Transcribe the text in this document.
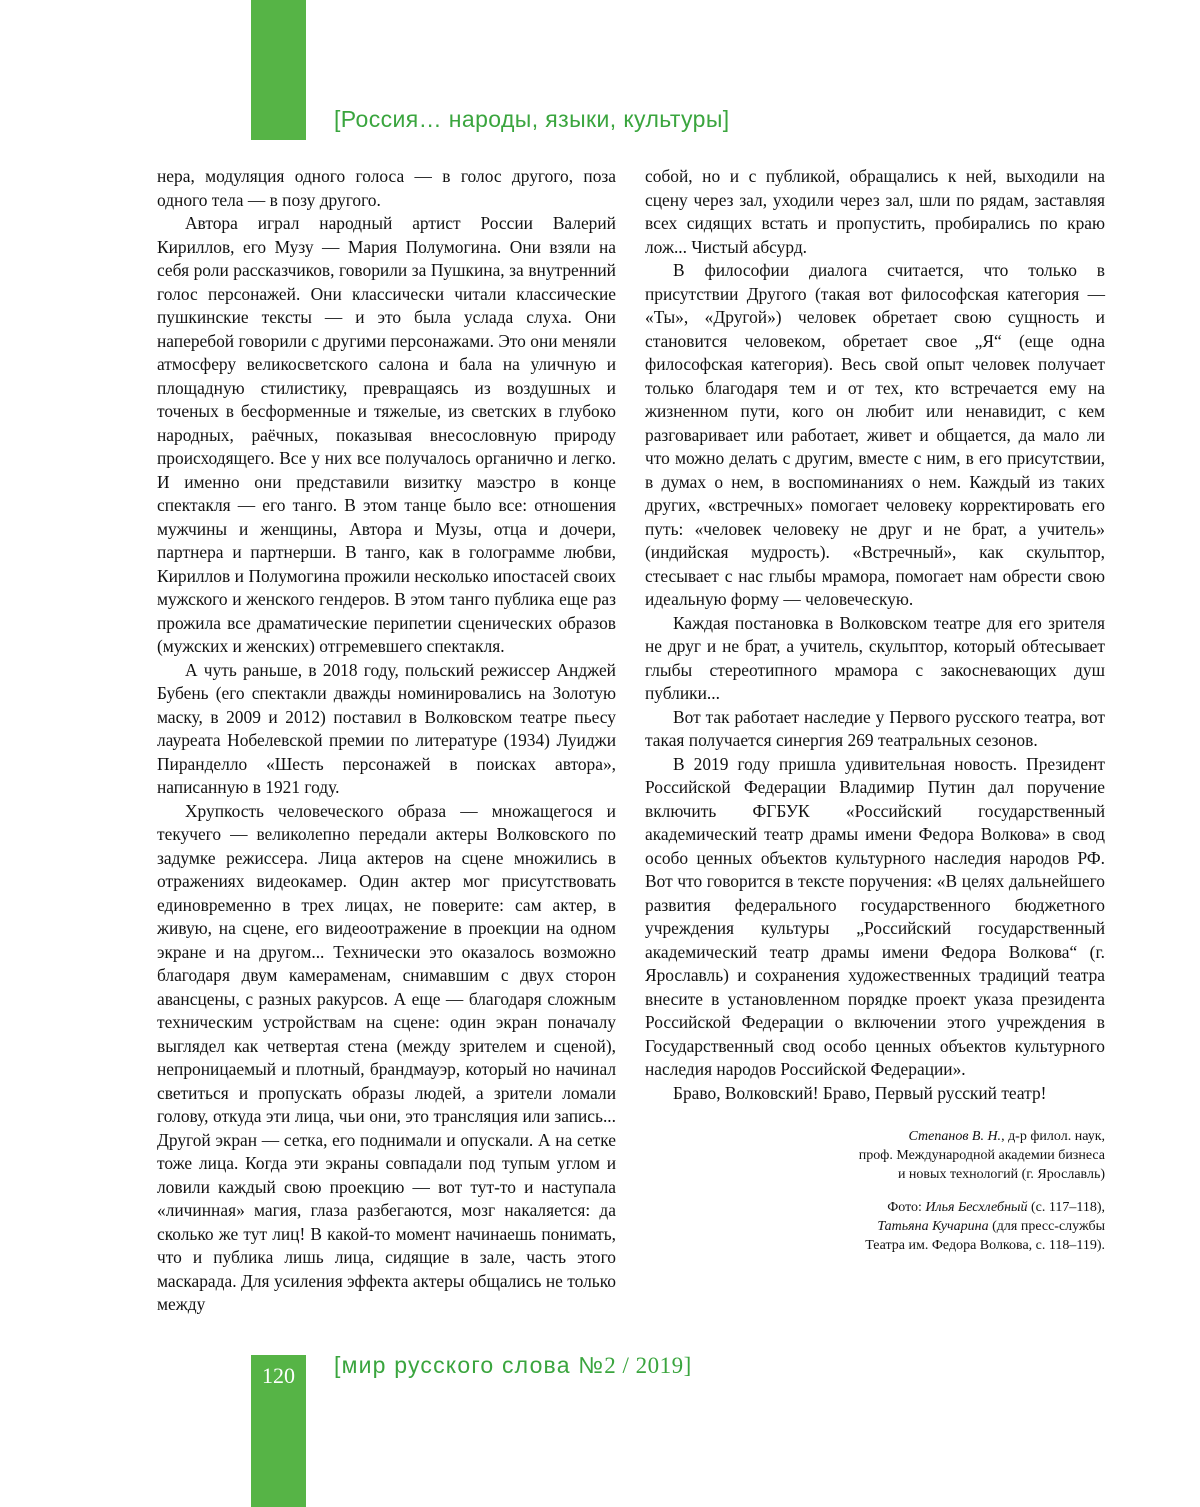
[Россия… народы, языки, культуры]

нера, модуляция одного голоса — в голос другого, поза одного тела — в позу другого.

Автора играл народный артист России Валерий Кириллов, его Музу — Мария Полумогина. Они взяли на себя роли рассказчиков, говорили за Пушкина, за внутренний голос персонажей. Они классически читали классические пушкинские тексты — и это была услада слуха. Они наперебой говорили с другими персонажами. Это они меняли атмосферу великосветского салона и бала на уличную и площадную стилистику, превращаясь из воздушных и точеных в бесформенные и тяжелые, из светских в глубоко народных, раёчных, показывая внесословную природу происходящего. Все у них все получалось органично и легко. И именно они представили визитку маэстро в конце спектакля — его танго. В этом танце было все: отношения мужчины и женщины, Автора и Музы, отца и дочери, партнера и партнерши. В танго, как в голограмме любви, Кириллов и Полумогина прожили несколько ипостасей своих мужского и женского гендеров. В этом танго публика еще раз прожила все драматические перипетии сценических образов (мужских и женских) отгремевшего спектакля.

А чуть раньше, в 2018 году, польский режиссер Анджей Бубень (его спектакли дважды номинировались на Золотую маску, в 2009 и 2012) поставил в Волковском театре пьесу лауреата Нобелевской премии по литературе (1934) Луиджи Пиранделло «Шесть персонажей в поисках автора», написанную в 1921 году.

Хрупкость человеческого образа — множащегося и текучего — великолепно передали актеры Волковского по задумке режиссера. Лица актеров на сцене множились в отражениях видеокамер. Один актер мог присутствовать единовременно в трех лицах, не поверите: сам актер, в живую, на сцене, его видеоотражение в проекции на одном экране и на другом... Технически это оказалось возможно благодаря двум камераменам, снимавшим с двух сторон авансцены, с разных ракурсов. А еще — благодаря сложным техническим устройствам на сцене: один экран поначалу выглядел как четвертая стена (между зрителем и сценой), непроницаемый и плотный, брандмауэр, который но начинал светиться и пропускать образы людей, а зрители ломали голову, откуда эти лица, чьи они, это трансляция или запись... Другой экран — сетка, его поднимали и опускали. А на сетке тоже лица. Когда эти экраны совпадали под тупым углом и ловили каждый свою проекцию — вот тут-то и наступала «личинная» магия, глаза разбегаются, мозг накаляется: да сколько же тут лиц! В какой-то момент начинаешь понимать, что и публика лишь лица, сидящие в зале, часть этого маскарада. Для усиления эффекта актеры общались не только между

собой, но и с публикой, обращались к ней, выходили на сцену через зал, уходили через зал, шли по рядам, заставляя всех сидящих встать и пропустить, пробирались по краю лож... Чистый абсурд.

В философии диалога считается, что только в присутствии Другого (такая вот философская категория — «Ты», «Другой») человек обретает свою сущность и становится человеком, обретает свое „Я“ (еще одна философская категория). Весь свой опыт человек получает только благодаря тем и от тех, кто встречается ему на жизненном пути, кого он любит или ненавидит, с кем разговаривает или работает, живет и общается, да мало ли что можно делать с другим, вместе с ним, в его присутствии, в думах о нем, в воспоминаниях о нем. Каждый из таких других, «встречных» помогает человеку корректировать его путь: «человек человеку не друг и не брат, а учитель» (индийская мудрость). «Встречный», как скульптор, стесывает с нас глыбы мрамора, помогает нам обрести свою идеальную форму — человеческую.

Каждая постановка в Волковском театре для его зрителя не друг и не брат, а учитель, скульптор, который обтесывает глыбы стереотипного мрамора с закосневающих душ публики...

Вот так работает наследие у Первого русского театра, вот такая получается синергия 269 театральных сезонов.

В 2019 году пришла удивительная новость. Президент Российской Федерации Владимир Путин дал поручение включить ФГБУК «Российский государственный академический театр драмы имени Федора Волкова» в свод особо ценных объектов культурного наследия народов РФ. Вот что говорится в тексте поручения: «В целях дальнейшего развития федерального государственного бюджетного учреждения культуры „Российский государственный академический театр драмы имени Федора Волкова“ (г. Ярославль) и сохранения художественных традиций театра внесите в установленном порядке проект указа президента Российской Федерации о включении этого учреждения в Государственный свод особо ценных объектов культурного наследия народов Российской Федерации».

Браво, Волковский! Браво, Первый русский театр!

Степанов В. Н., д-р филол. наук,
проф. Международной академии бизнеса
и новых технологий (г. Ярославль)
Фото: Илья Бесхлебный (с. 117–118),
Татьяна Кучарина (для пресс-службы
Театра им. Федора Волкова, с. 118–119).
120	[мир русского слова №2 / 2019]
